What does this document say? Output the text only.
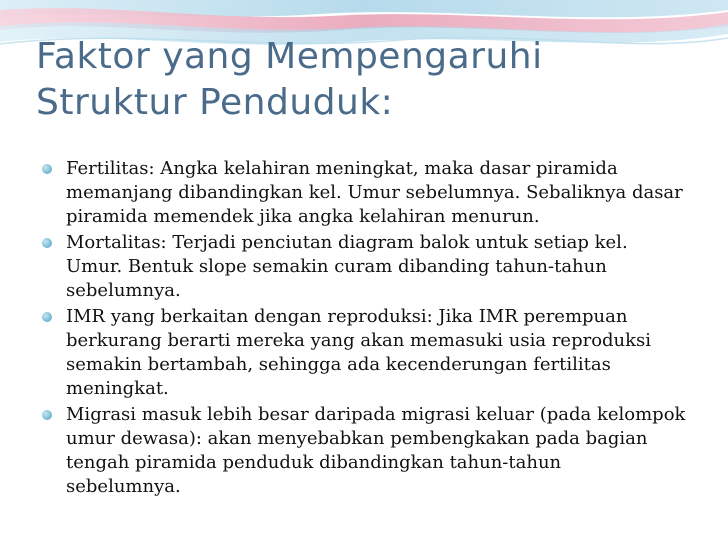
Faktor yang Mempengaruhi
Struktur Penduduk:
Fertilitas: Angka kelahiran meningkat, maka dasar piramida
memanjang dibandingkan kel. Umur sebelumnya. Sebaliknya dasar
piramida memendek jika angka kelahiran menurun.
Mortalitas: Terjadi penciutan diagram balok untuk setiap kel.
Umur. Bentuk slope semakin curam dibanding tahun-tahun
sebelumnya.
IMR yang berkaitan dengan reproduksi: Jika IMR perempuan
berkurang berarti mereka yang akan memasuki usia reproduksi
semakin bertambah, sehingga ada kecenderungan fertilitas
meningkat.
Migrasi masuk lebih besar daripada migrasi keluar (pada kelompok
umur dewasa): akan menyebabkan pembengkakan pada bagian
tengah piramida penduduk dibandingkan tahun-tahun
sebelumnya.
